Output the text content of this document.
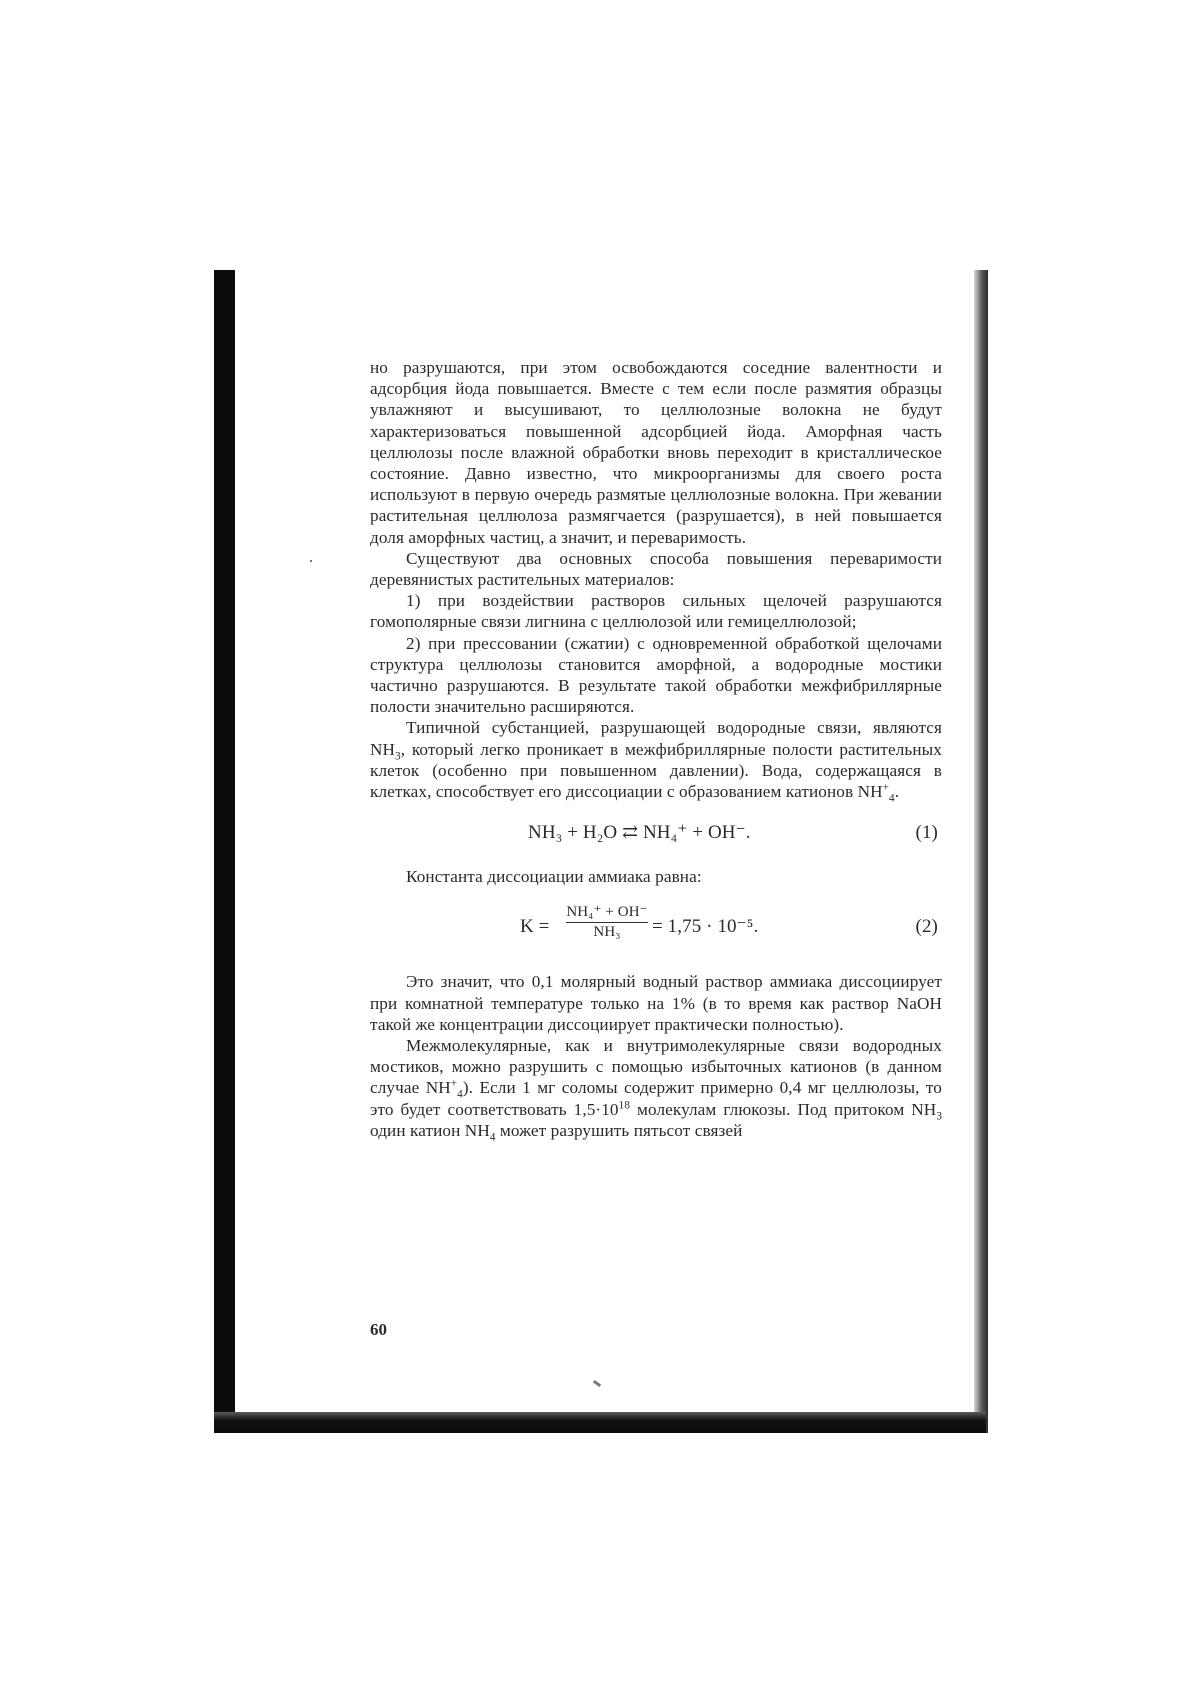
но разрушаются, при этом освобождаются соседние валентности и адсорбция йода повышается. Вместе с тем если после размятия образцы увлажняют и высушивают, то целлюлозные волокна не будут характеризоваться повышенной адсорбцией йода. Аморфная часть целлюлозы после влажной обработки вновь переходит в кристаллическое состояние. Давно известно, что микроорганизмы для своего роста используют в первую очередь размятые целлюлозные волокна. При жевании растительная целлюлоза размягчается (разрушается), в ней повышается доля аморфных частиц, а значит, и переваримость.

Существуют два основных способа повышения переваримости деревянистых растительных материалов:

1) при воздействии растворов сильных щелочей разрушаются гомополярные связи лигнина с целлюлозой или гемицеллюлозой;

2) при прессовании (сжатии) с одновременной обработкой щелочами структура целлюлозы становится аморфной, а водородные мостики частично разрушаются. В результате такой обработки межфибриллярные полости значительно расширяются.

Типичной субстанцией, разрушающей водородные связи, являются $NH_3$, который легко проникает в межфибриллярные полости растительных клеток (особенно при повышенном давлении). Вода, содержащаяся в клетках, способствует его диссоциации с образованием катионов $NH^+_4$.

NH₃ + H₂O ⇄ NH₄⁺ + OH⁻.	(1)

Константа диссоциации аммиака равна:

$K = \frac{\text{NH₄⁺ + OH⁻}}{\text{NH₃}} = 1,75 \cdot 10^{-5}$.	(2)

Это значит, что 0,1 молярный водный раствор аммиака диссоциирует при комнатной температуре только на 1% (в то время как раствор NaOH такой же концентрации диссоциирует практически полностью).

Межмолекулярные, как и внутримолекулярные связи водородных мостиков, можно разрушить с помощью избыточных катионов (в данном случае $NH^+_4$). Если 1 мг соломы содержит примерно 0,4 мг целлюлозы, то это будет соответствовать $1,5\cdot 10^{18}$ молекулам глюкозы. Под притоком $NH_3$ один катион $NH_4$ может разрушить пятьсот связей

60
